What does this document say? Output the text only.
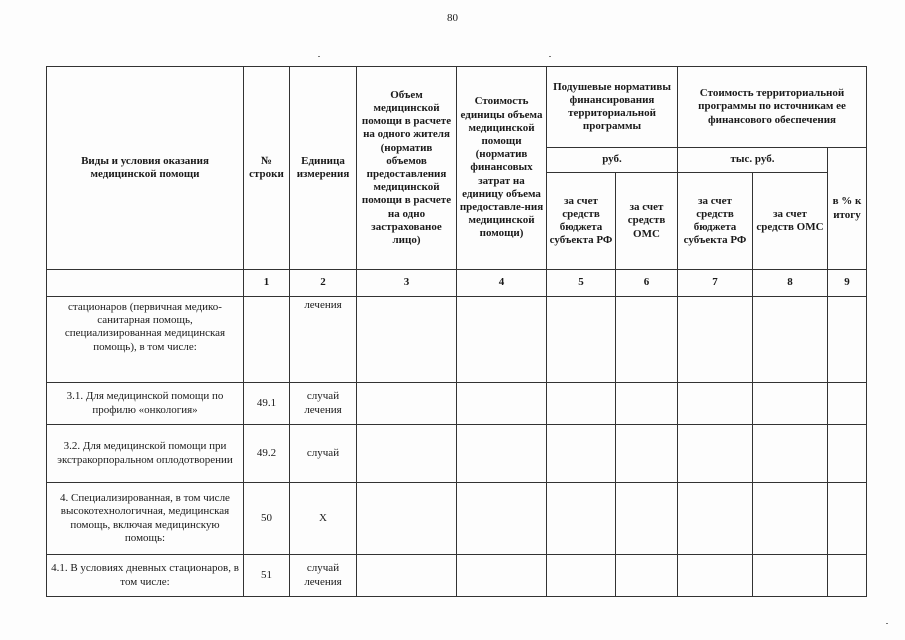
80
Виды и условия оказания медицинской помощи	№ строки	Единица измерения	Объем медицинской помощи в расчете на одного жителя (норматив объемов предоставления медицинской помощи в расчете на одно застрахованое лицо)	Стоимость единицы объема медицинской помощи (норматив финансовых затрат на единицу объема предоставле-ния медицинской помощи)	Подушевые нормативы финансирования территориальной программы		Стоимость территориальной программы по источникам ее финансового обеспечения		
					руб.		тыс. руб.		в % к итогу
					за счет средств бюджета субъекта РФ	за счет средств ОМС	за счет средств бюджета субъекта РФ	за счет средств ОМС	
	1	2	3	4	5	6	7	8	9
стационаров (первичная медико-санитарная помощь, специализированная медицинская помощь), в том числе:		лечения							
3.1. Для медицинской помощи по профилю «онкология»	49.1	случай лечения							
3.2. Для медицинской помощи при экстракорпоральном оплодотворении	49.2	случай							
4. Специализированная, в том числе высокотехнологичная, медицинская помощь, включая медицинскую помощь:	50	Х							
4.1. В условиях дневных стационаров, в том числе:	51	случай лечения							
